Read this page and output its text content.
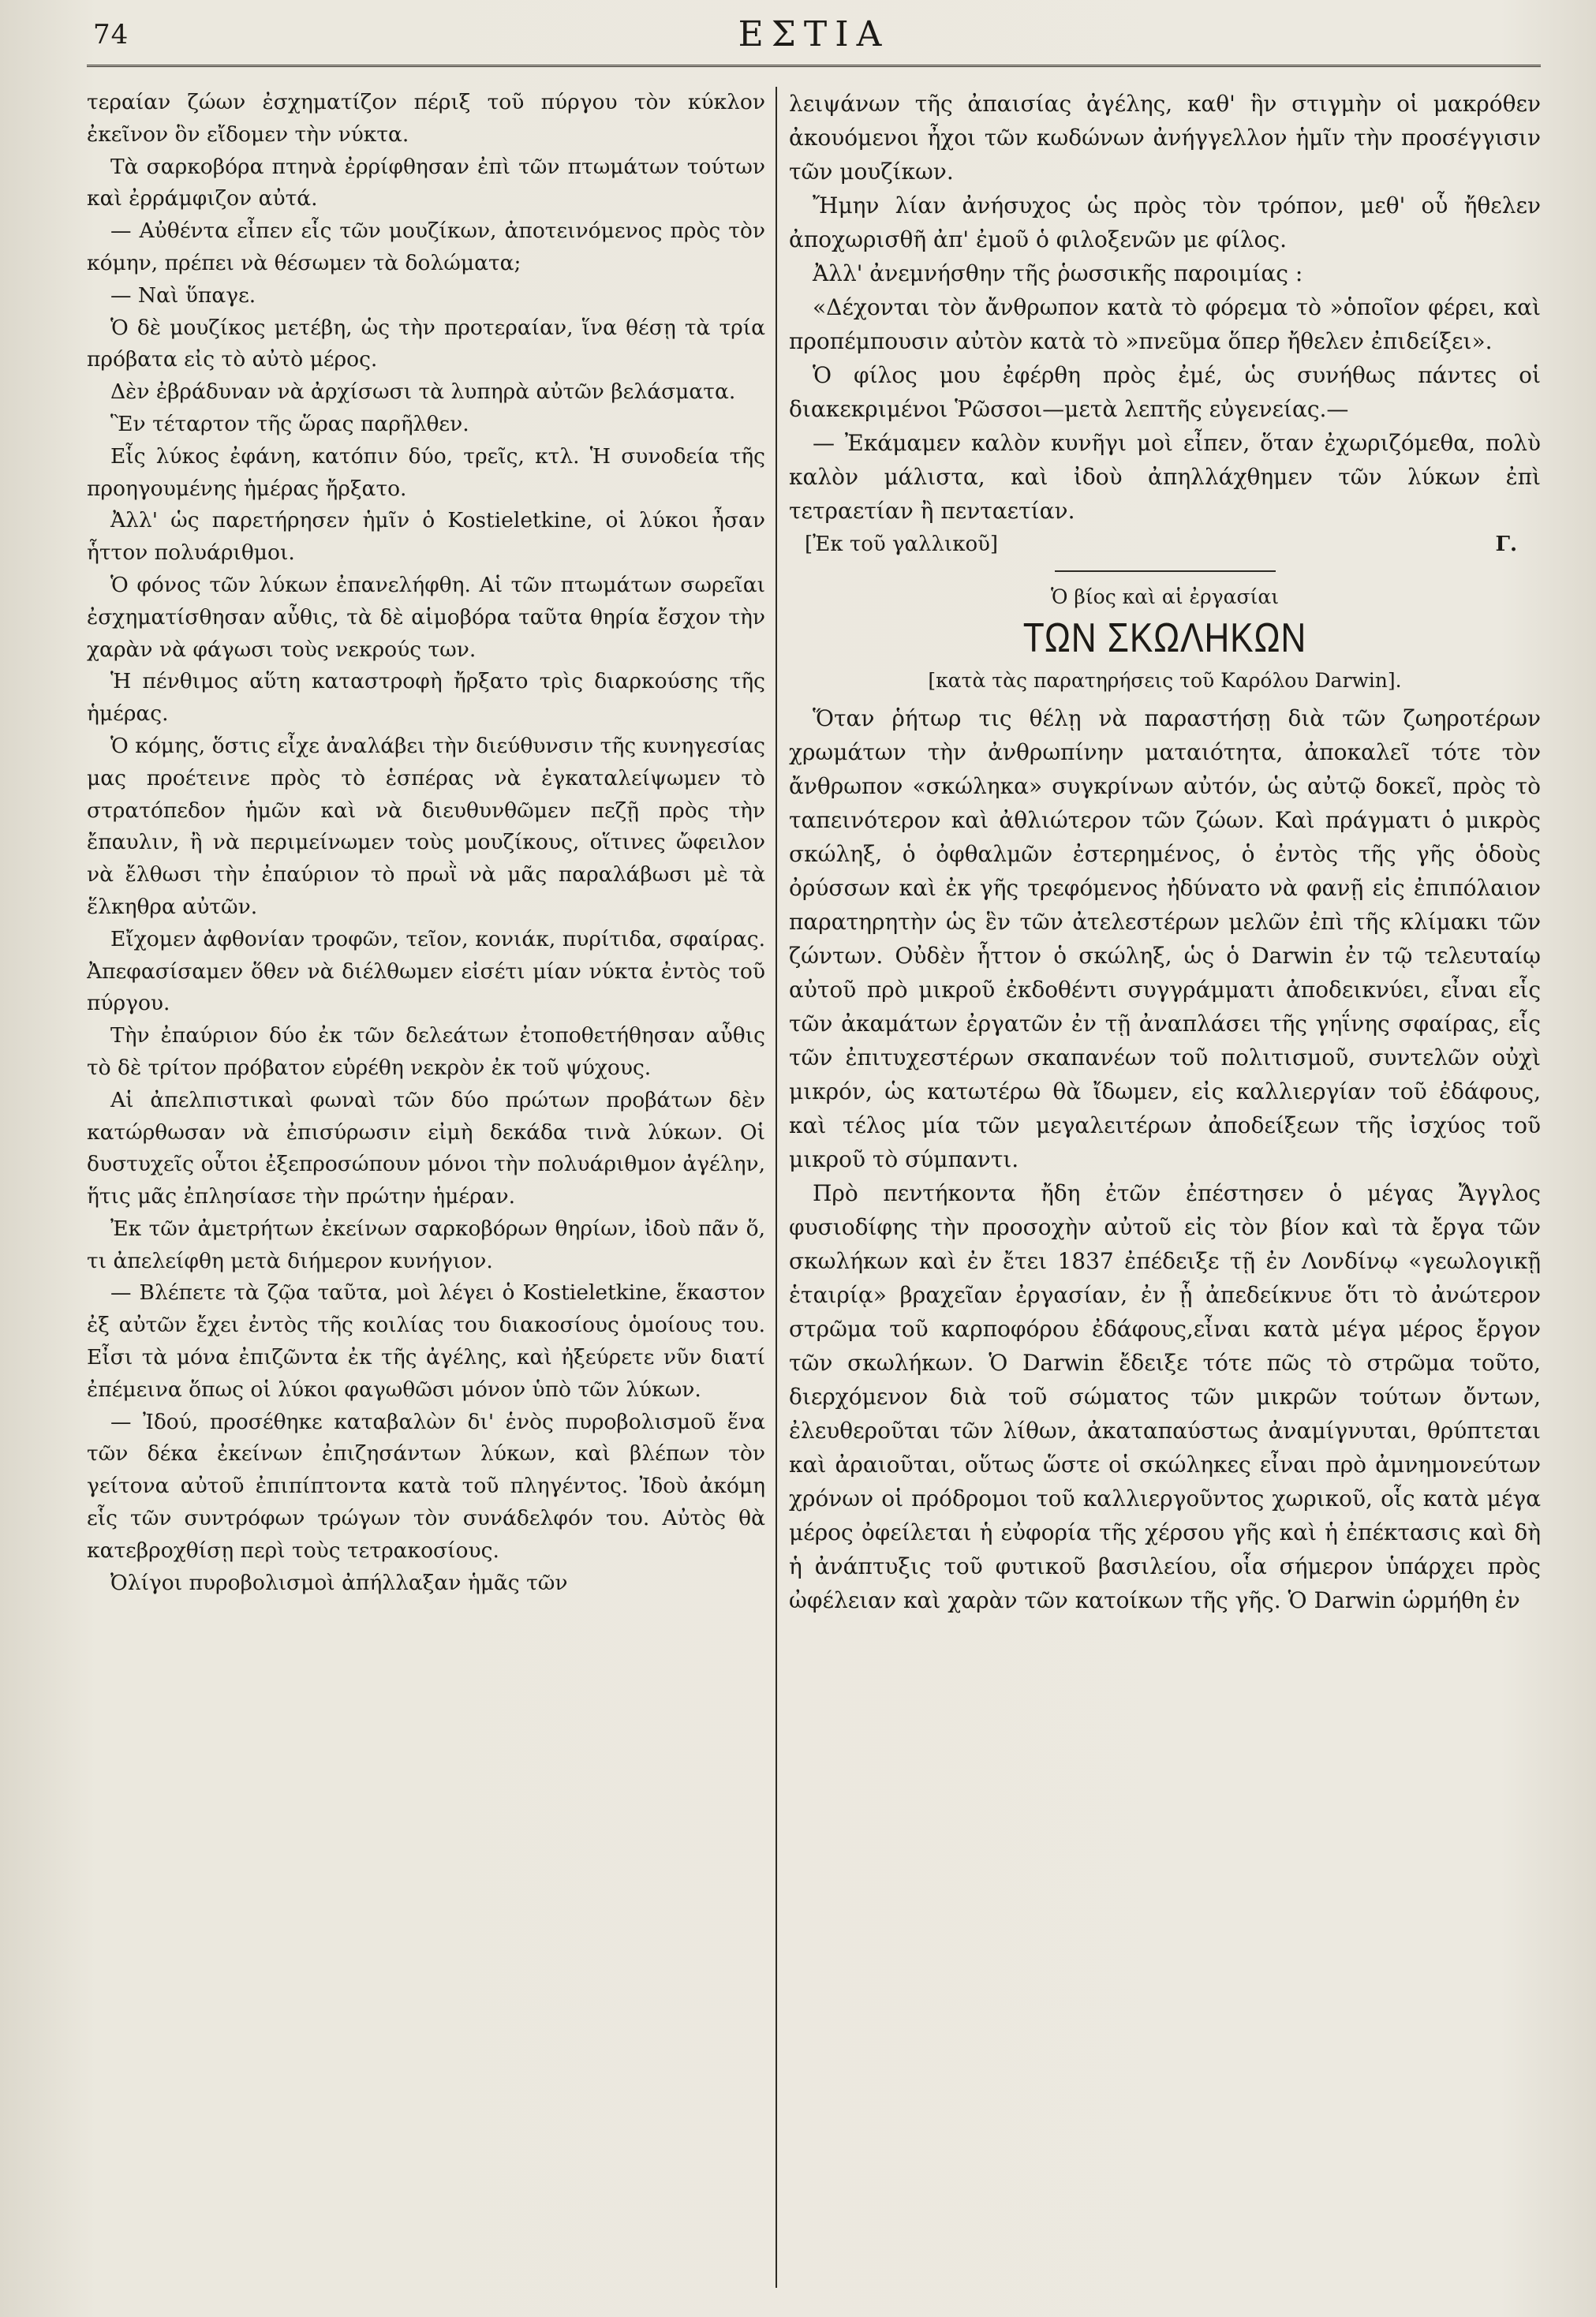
74	ΕΣΤΙΑ

τεραίαν ζώων ἐσχηματίζον πέριξ τοῦ πύργου τὸν κύκλον ἐκεῖνον ὃν εἴδομεν τὴν νύκτα.

Τὰ σαρκοβόρα πτηνὰ ἐρρίφθησαν ἐπὶ τῶν πτωμάτων τούτων καὶ ἐρράμφιζον αὐτά.

— Αὐθέντα εἶπεν εἷς τῶν μουζίκων, ἀποτεινόμενος πρὸς τὸν κόμην, πρέπει νὰ θέσωμεν τὰ δολώματα;

— Ναὶ ὕπαγε.

Ὁ δὲ μουζίκος μετέβη, ὡς τὴν προτεραίαν, ἵνα θέσῃ τὰ τρία πρόβατα εἰς τὸ αὐτὸ μέρος.

Δὲν ἐβράδυναν νὰ ἀρχίσωσι τὰ λυπηρὰ αὐτῶν βελάσματα.

Ἓν τέταρτον τῆς ὥρας παρῆλθεν.

Εἷς λύκος ἐφάνη, κατόπιν δύο, τρεῖς, κτλ. Ἡ συνοδεία τῆς προηγουμένης ἡμέρας ἤρξατο.

Ἀλλ' ὡς παρετήρησεν ἡμῖν ὁ Kostieletkine, οἱ λύκοι ἦσαν ἧττον πολυάριθμοι.

Ὁ φόνος τῶν λύκων ἐπανελήφθη. Αἱ τῶν πτωμάτων σωρεῖαι ἐσχηματίσθησαν αὖθις, τὰ δὲ αἱμοβόρα ταῦτα θηρία ἔσχον τὴν χαρὰν νὰ φάγωσι τοὺς νεκρούς των.

Ἡ πένθιμος αὕτη καταστροφὴ ἤρξατο τρὶς διαρκούσης τῆς ἡμέρας.

Ὁ κόμης, ὅστις εἶχε ἀναλάβει τὴν διεύθυνσιν τῆς κυνηγεσίας μας προέτεινε πρὸς τὸ ἑσπέρας νὰ ἐγκαταλείψωμεν τὸ στρατόπεδον ἡμῶν καὶ νὰ διευθυνθῶμεν πεζῇ πρὸς τὴν ἔπαυλιν, ἢ νὰ περιμείνωμεν τοὺς μουζίκους, οἵτινες ὤφειλον νὰ ἔλθωσι τὴν ἐπαύριον τὸ πρωῒ νὰ μᾶς παραλάβωσι μὲ τὰ ἕλκηθρα αὐτῶν.

Εἴχομεν ἀφθονίαν τροφῶν, τεῖον, κονιάκ, πυρίτιδα, σφαίρας. Ἀπεφασίσαμεν ὅθεν νὰ διέλθωμεν εἰσέτι μίαν νύκτα ἐντὸς τοῦ πύργου.

Τὴν ἐπαύριον δύο ἐκ τῶν δελεάτων ἐτοποθετήθησαν αὖθις τὸ δὲ τρίτον πρόβατον εὑρέθη νεκρὸν ἐκ τοῦ ψύχους.

Αἱ ἀπελπιστικαὶ φωναὶ τῶν δύο πρώτων προβάτων δὲν κατώρθωσαν νὰ ἐπισύρωσιν εἰμὴ δεκάδα τινὰ λύκων. Οἱ δυστυχεῖς οὗτοι ἐξεπροσώπουν μόνοι τὴν πολυάριθμον ἀγέλην, ἥτις μᾶς ἐπλησίασε τὴν πρώτην ἡμέραν.

Ἐκ τῶν ἀμετρήτων ἐκείνων σαρκοβόρων θηρίων, ἰδοὺ πᾶν ὅ, τι ἀπελείφθη μετὰ διήμερον κυνήγιον.

— Βλέπετε τὰ ζῷα ταῦτα, μοὶ λέγει ὁ Kostieletkine, ἕκαστον ἐξ αὐτῶν ἔχει ἐντὸς τῆς κοιλίας του διακοσίους ὁμοίους του. Εἶσι τὰ μόνα ἐπιζῶντα ἐκ τῆς ἀγέλης, καὶ ἠξεύρετε νῦν διατί ἐπέμεινα ὅπως οἱ λύκοι φαγωθῶσι μόνον ὑπὸ τῶν λύκων.

— Ἰδού, προσέθηκε καταβαλὼν δι' ἑνὸς πυροβολισμοῦ ἕνα τῶν δέκα ἐκείνων ἐπιζησάντων λύκων, καὶ βλέπων τὸν γείτονα αὐτοῦ ἐπιπίπτοντα κατὰ τοῦ πληγέντος. Ἰδοὺ ἀκόμη εἷς τῶν συντρόφων τρώγων τὸν συνάδελφόν του. Αὐτὸς θὰ κατεβροχθίσῃ περὶ τοὺς τετρακοσίους.

Ὀλίγοι πυροβολισμοὶ ἀπήλλαξαν ἡμᾶς τῶν

λειψάνων τῆς ἀπαισίας ἀγέλης, καθ' ἣν στιγμὴν οἱ μακρόθεν ἀκουόμενοι ἦχοι τῶν κωδώνων ἀνήγγελλον ἡμῖν τὴν προσέγγισιν τῶν μουζίκων.

Ἤμην λίαν ἀνήσυχος ὡς πρὸς τὸν τρόπον, μεθ' οὗ ἤθελεν ἀποχωρισθῆ ἀπ' ἐμοῦ ὁ φιλοξενῶν με φίλος.

Ἀλλ' ἀνεμνήσθην τῆς ῥωσσικῆς παροιμίας :

«Δέχονται τὸν ἄνθρωπον κατὰ τὸ φόρεμα τὸ »ὁποῖον φέρει, καὶ προπέμπουσιν αὐτὸν κατὰ τὸ »πνεῦμα ὅπερ ἤθελεν ἐπιδείξει».

Ὁ φίλος μου ἐφέρθη πρὸς ἐμέ, ὡς συνήθως πάντες οἱ διακεκριμένοι Ῥῶσσοι—μετὰ λεπτῆς εὐγενείας.—

— Ἐκάμαμεν καλὸν κυνῆγι μοὶ εἶπεν, ὅταν ἐχωριζόμεθα, πολὺ καλὸν μάλιστα, καὶ ἰδοὺ ἀπηλλάχθημεν τῶν λύκων ἐπὶ τετραετίαν ἢ πενταετίαν.

[Ἐκ τοῦ γαλλικοῦ]	Γ.
Ὁ βίος καὶ αἱ ἐργασίαι
ΤΩΝ ΣΚΩΛΗΚΩΝ
[κατὰ τὰς παρατηρήσεις τοῦ Καρόλου Darwin].

Ὅταν ῥήτωρ τις θέλῃ νὰ παραστήσῃ διὰ τῶν ζωηροτέρων χρωμάτων τὴν ἀνθρωπίνην ματαιότητα, ἀποκαλεῖ τότε τὸν ἄνθρωπον «σκώληκα» συγκρίνων αὐτόν, ὡς αὐτῷ δοκεῖ, πρὸς τὸ ταπεινότερον καὶ ἀθλιώτερον τῶν ζώων. Καὶ πράγματι ὁ μικρὸς σκώληξ, ὁ ὀφθαλμῶν ἐστερημένος, ὁ ἐντὸς τῆς γῆς ὁδοὺς ὀρύσσων καὶ ἐκ γῆς τρεφόμενος ἠδύνατο νὰ φανῇ εἰς ἐπιπόλαιον παρατηρητὴν ὡς ἓν τῶν ἀτελεστέρων μελῶν ἐπὶ τῆς κλίμακι τῶν ζώντων. Οὐδὲν ἧττον ὁ σκώληξ, ὡς ὁ Darwin ἐν τῷ τελευταίῳ αὐτοῦ πρὸ μικροῦ ἐκδοθέντι συγγράμματι ἀποδεικνύει, εἶναι εἷς τῶν ἀκαμάτων ἐργατῶν ἐν τῇ ἀναπλάσει τῆς γηΐνης σφαίρας, εἷς τῶν ἐπιτυχεστέρων σκαπανέων τοῦ πολιτισμοῦ, συντελῶν οὐχὶ μικρόν, ὡς κατωτέρω θὰ ἴδωμεν, εἰς καλλιεργίαν τοῦ ἐδάφους, καὶ τέλος μία τῶν μεγαλειτέρων ἀποδείξεων τῆς ἰσχύος τοῦ μικροῦ τὸ σύμπαντι.

Πρὸ πεντήκοντα ἤδη ἐτῶν ἐπέστησεν ὁ μέγας Ἄγγλος φυσιοδίφης τὴν προσοχὴν αὐτοῦ εἰς τὸν βίον καὶ τὰ ἔργα τῶν σκωλήκων καὶ ἐν ἔτει 1837 ἐπέδειξε τῇ ἐν Λονδίνῳ «γεωλογικῇ ἑταιρίᾳ» βραχεῖαν ἐργασίαν, ἐν ᾗ ἀπεδείκνυε ὅτι τὸ ἀνώτερον στρῶμα τοῦ καρποφόρου ἐδάφους,εἶναι κατὰ μέγα μέρος ἔργον τῶν σκωλήκων. Ὁ Darwin ἔδειξε τότε πῶς τὸ στρῶμα τοῦτο, διερχόμενον διὰ τοῦ σώματος τῶν μικρῶν τούτων ὄντων, ἐλευθεροῦται τῶν λίθων, ἀκαταπαύστως ἀναμίγνυται, θρύπτεται καὶ ἀραιοῦται, οὕτως ὥστε οἱ σκώληκες εἶναι πρὸ ἀμνημονεύτων χρόνων οἱ πρόδρομοι τοῦ καλλιεργοῦντος χωρικοῦ, οἷς κατὰ μέγα μέρος ὀφείλεται ἡ εὐφορία τῆς χέρσου γῆς καὶ ἡ ἐπέκτασις καὶ δὴ ἡ ἀνάπτυξις τοῦ φυτικοῦ βασιλείου, οἷα σήμερον ὑπάρχει πρὸς ὠφέλειαν καὶ χαρὰν τῶν κατοίκων τῆς γῆς. Ὁ Darwin ὡρμήθη ἐν
